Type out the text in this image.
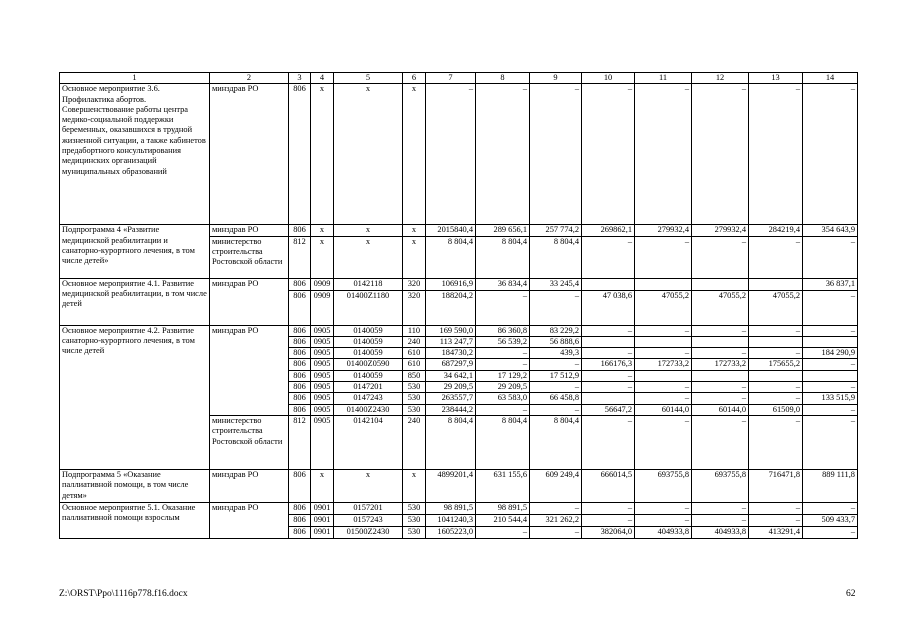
1	2	3	4	5	6	7	8	9	10	11	12	13	14
Основное мероприятие 3.6. Профилактика абортов. Совершенствование работы центра медико-социальной поддержки беременных, оказавшихся в трудной жизненной ситуации, а также кабинетов предабортного консультирования медицинских организаций муниципальных образований	минздрав РО	806	х	х	х	–	–	–	–	–	–	–	–
Подпрограмма 4 «Развитие медицинской реабилитации и санаторно-курортного лечения, в том числе детей»	минздрав РО	806	х	х	х	2015840,4	289 656,1	257 774,2	269862,1	279932,4	279932,4	284219,4	354 643,9
	министерство строительства Ростовской области	812	х	х	х	8 804,4	8 804,4	8 804,4	–	–	–	–	–
Основное мероприятие 4.1. Развитие медицинской реабилитации, в том числе детей	минздрав РО	806	0909	0142118	320	106916,9	36 834,4	33 245,4					36 837,1
		806	0909	01400Z1180	320	188204,2	–	–	47 038,6	47055,2	47055,2	47055,2	–
Основное мероприятие 4.2. Развитие санаторно-курортного лечения, в том числе детей	минздрав РО	806	0905	0140059	110	169 590,0	86 360,8	83 229,2	–	–	–	–	–
		806	0905	0140059	240	113 247,7	56 539,2	56 888,6					
		806	0905	0140059	610	184730,2	–	439,3	–	–	–	–	184 290,9
		806	0905	01400Z0590	610	687297,9	–	–	166176,3	172733,2	172733,2	175655,2	–
		806	0905	0140059	850	34 642,1	17 129,2	17 512,9	–				
		806	0905	0147201	530	29 209,5	29 209,5	–	–	–	–	–	–
		806	0905	0147243	530	263557,7	63 583,0	66 458,8		–	–	–	133 515,9
		806	0905	01400Z2430	530	238444,2	–	–	56647,2	60144,0	60144,0	61509,0	–
	министерство строительства Ростовской области	812	0905	0142104	240	8 804,4	8 804,4	8 804,4	–	–	–	–	–
Подпрограмма 5 «Оказание паллиативной помощи, в том числе детям»	минздрав РО	806	х	х	х	4899201,4	631 155,6	609 249,4	666014,5	693755,8	693755,8	716471,8	889 111,8
Основное мероприятие 5.1. Оказание паллиативной помощи взрослым	минздрав РО	806	0901	0157201	530	98 891,5	98 891,5	–	–	–	–	–	–
		806	0901	0157243	530	1041240,3	210 544,4	321 262,2	–	–	–	–	509 433,7
		806	0901	01500Z2430	530	1605223,0	–	–	382064,0	404933,8	404933,8	413291,4	–
Z:\ORST\Ppo\1116p778.f16.docx	62
